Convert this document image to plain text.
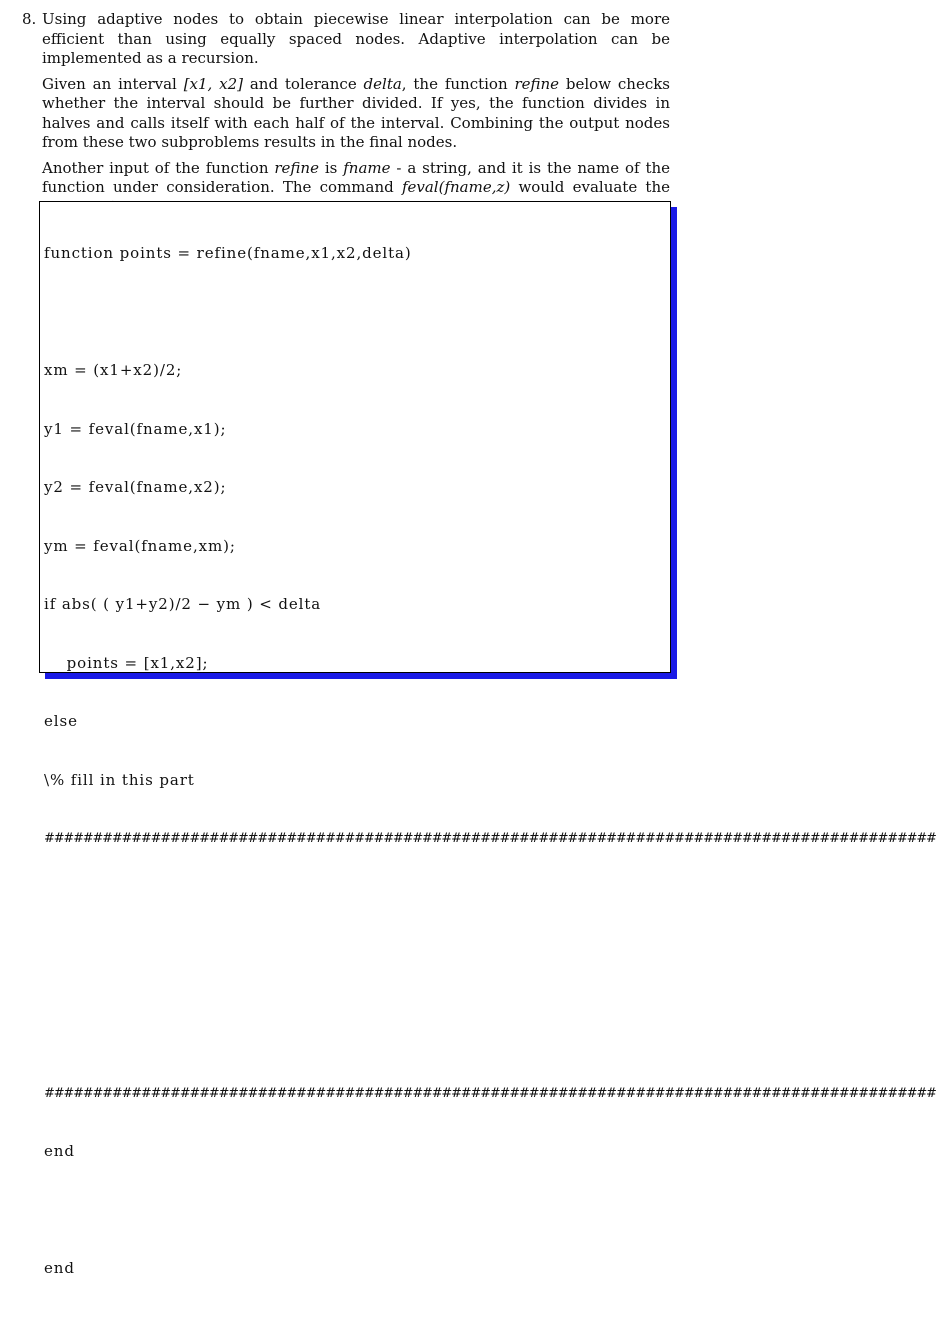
8. Using adaptive nodes to obtain piecewise linear interpolation can be more efficient than using equally spaced nodes. Adaptive interpolation can be implemented as a recursion.

Given an interval [x1, x2] and tolerance delta, the function refine below checks whether the interval should be further divided. If yes, the function divides in halves and calls itself with each half of the interval. Combining the output nodes from these two subproblems results in the final nodes.

Another input of the function refine is fname - a string, and it is the name of the function under consideration. The command feval(fname,z) would evaluate the

function points = refine(fname,x1,x2,delta)

xm = (x1+x2)/2;

y1 = feval(fname,x1);

y2 = feval(fname,x2);

ym = feval(fname,xm);

if abs( ( y1+y2)/2 − ym ) < delta

points = [x1,x2];

else

\% fill in this part

############################################################################################

############################################################################################

end

end
